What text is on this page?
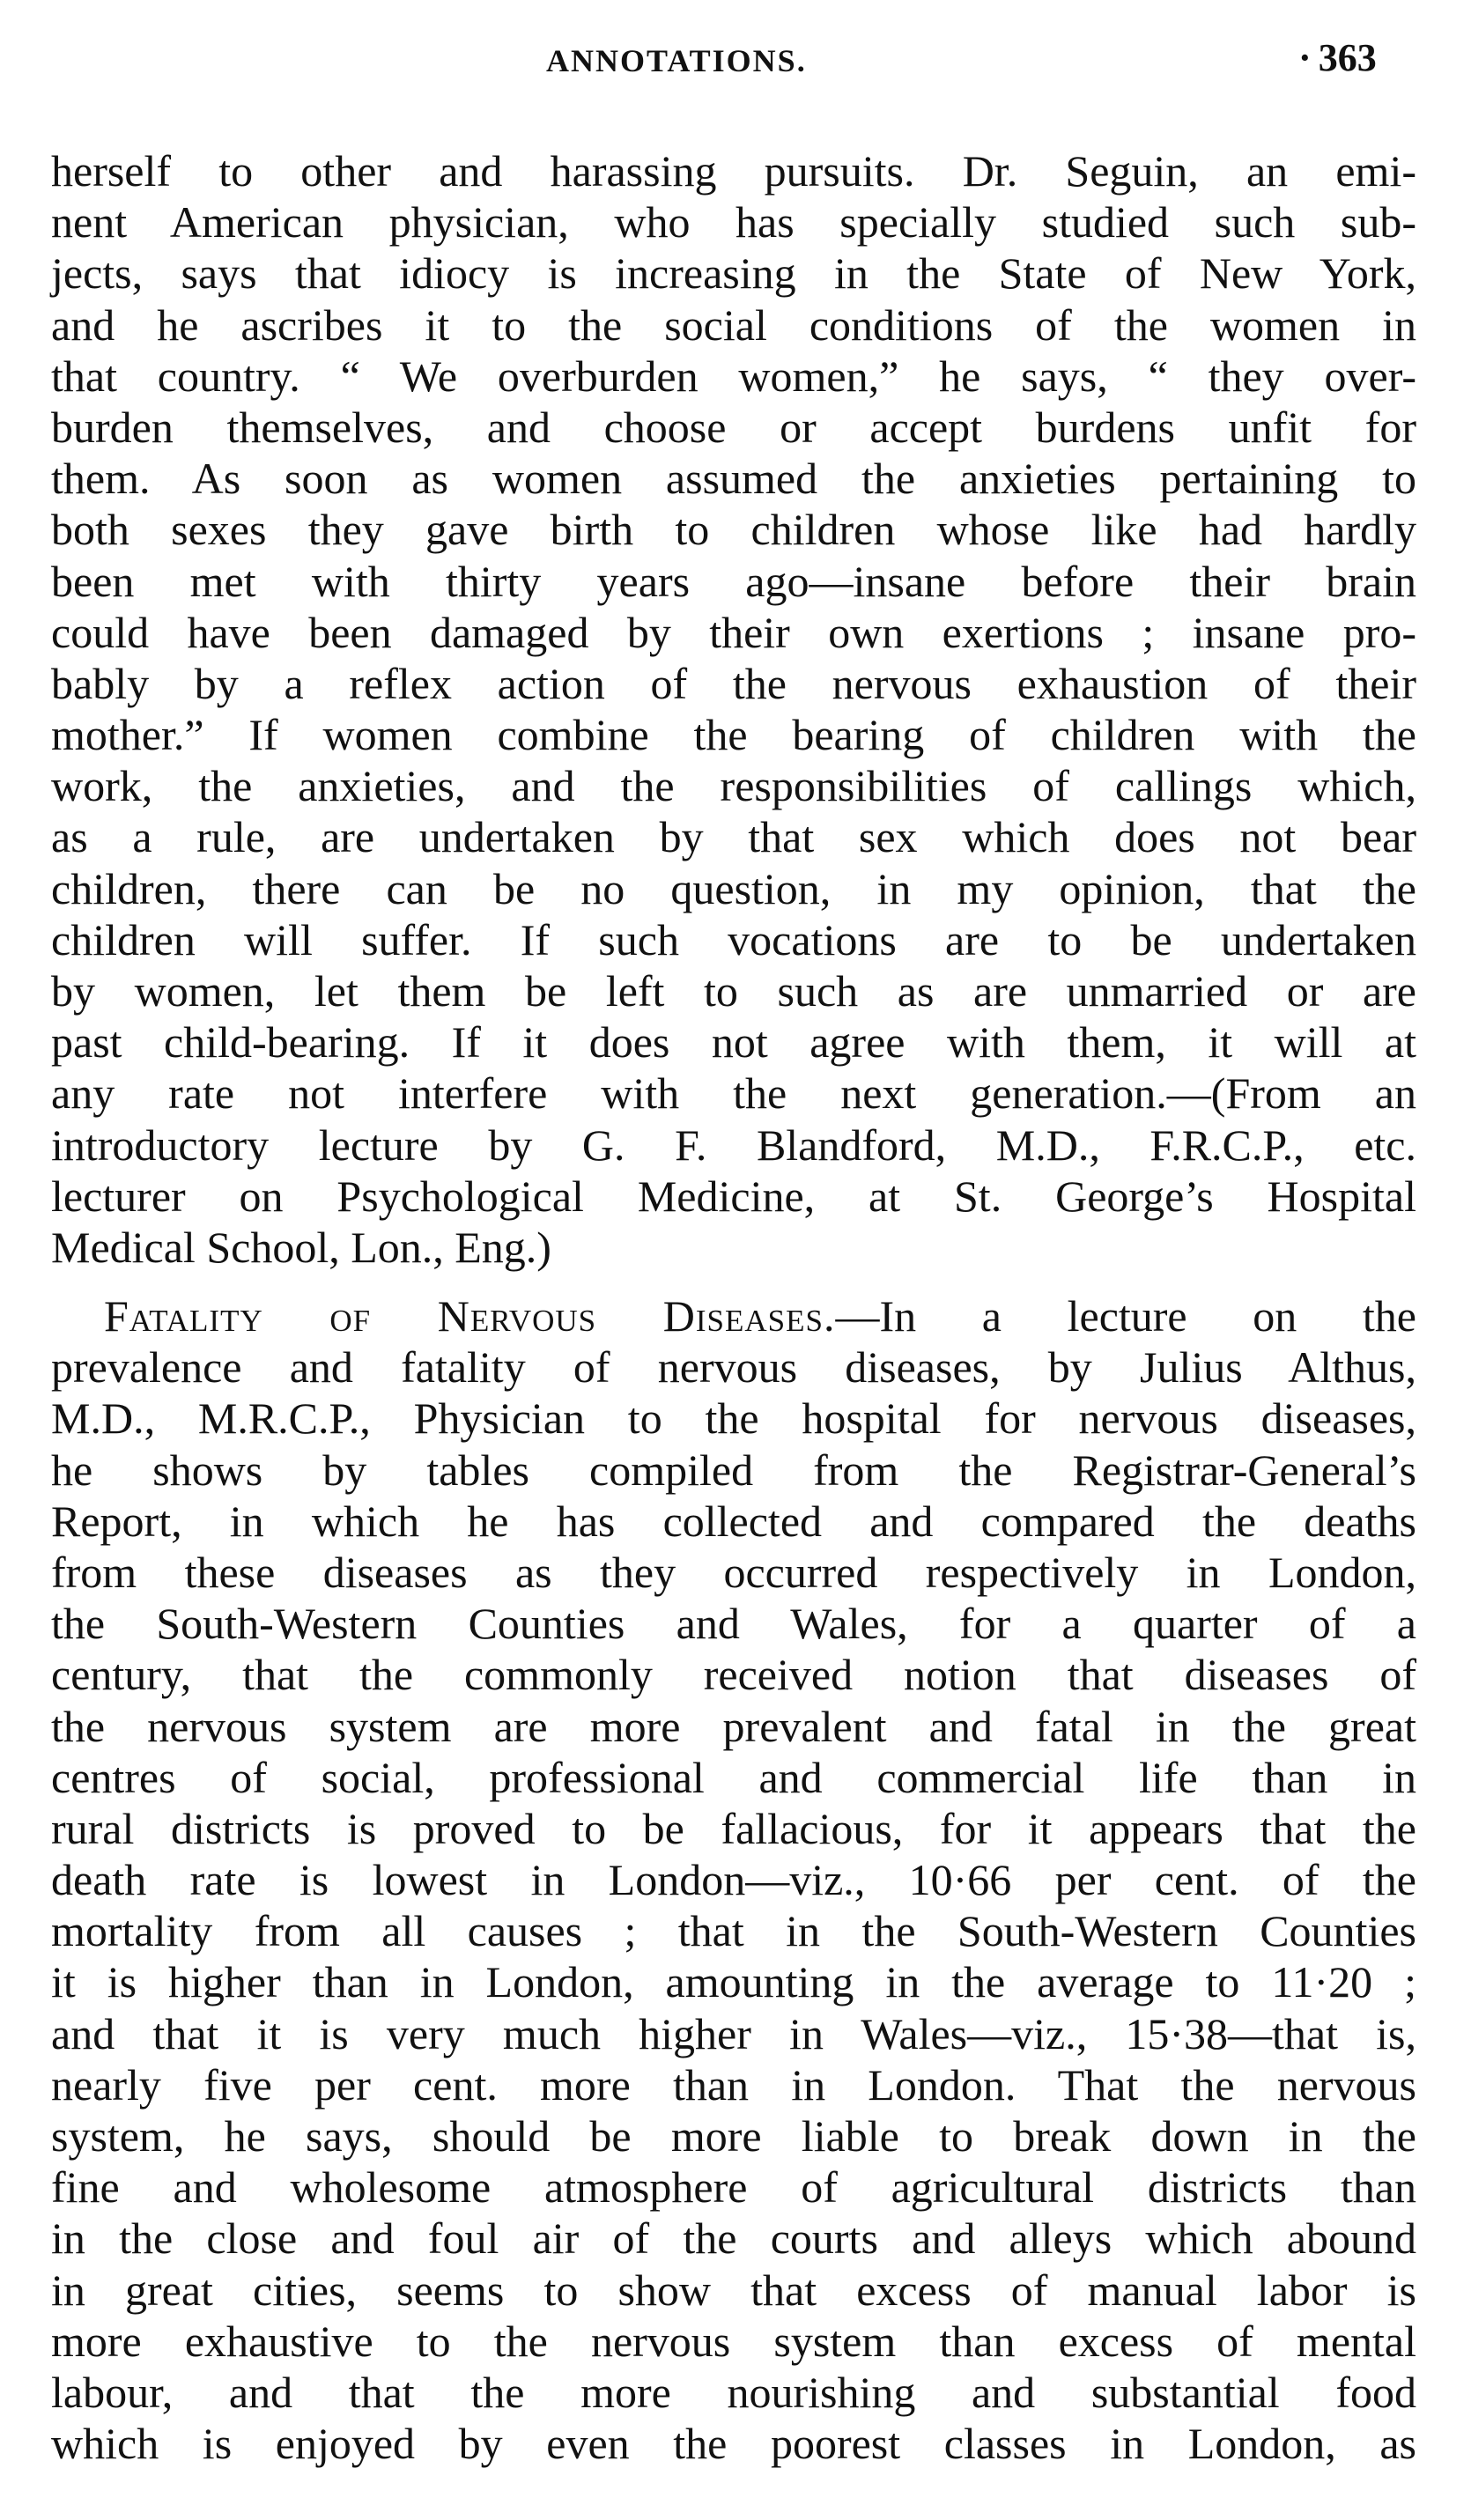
ANNOTATIONS.	· 363
herself to other and harassing pursuits. Dr. Seguin, an emi-
nent American physician, who has specially studied such sub-
jects, says that idiocy is increasing in the State of New York,
and he ascribes it to the social conditions of the women in
that country. “ We overburden women,” he says, “ they over-
burden themselves, and choose or accept burdens unfit for
them. As soon as women assumed the anxieties pertaining to
both sexes they gave birth to children whose like had hardly
been met with thirty years ago—insane before their brain
could have been damaged by their own exertions ; insane pro-
bably by a reflex action of the nervous exhaustion of their
mother.” If women combine the bearing of children with the
work, the anxieties, and the responsibilities of callings which,
as a rule, are undertaken by that sex which does not bear
children, there can be no question, in my opinion, that the
children will suffer. If such vocations are to be undertaken
by women, let them be left to such as are unmarried or are
past child-bearing. If it does not agree with them, it will at
any rate not interfere with the next generation.—(From an
introductory lecture by G. F. Blandford, M.D., F.R.C.P., etc.
lecturer on Psychological Medicine, at St. George’s Hospital
Medical School, Lon., Eng.)
Fatality of Nervous Diseases.—In a lecture on the
prevalence and fatality of nervous diseases, by Julius Althus,
M.D., M.R.C.P., Physician to the hospital for nervous diseases,
he shows by tables compiled from the Registrar-General’s
Report, in which he has collected and compared the deaths
from these diseases as they occurred respectively in London,
the South-Western Counties and Wales, for a quarter of a
century, that the commonly received notion that diseases of
the nervous system are more prevalent and fatal in the great
centres of social, professional and commercial life than in
rural districts is proved to be fallacious, for it appears that the
death rate is lowest in London—viz., 10·66 per cent. of the
mortality from all causes ; that in the South-Western Counties
it is higher than in London, amounting in the average to 11·20 ;
and that it is very much higher in Wales—viz., 15·38—that is,
nearly five per cent. more than in London. That the nervous
system, he says, should be more liable to break down in the
fine and wholesome atmosphere of agricultural districts than
in the close and foul air of the courts and alleys which abound
in great cities, seems to show that excess of manual labor is
more exhaustive to the nervous system than excess of mental
labour, and that the more nourishing and substantial food
which is enjoyed by even the poorest classes in London, as
